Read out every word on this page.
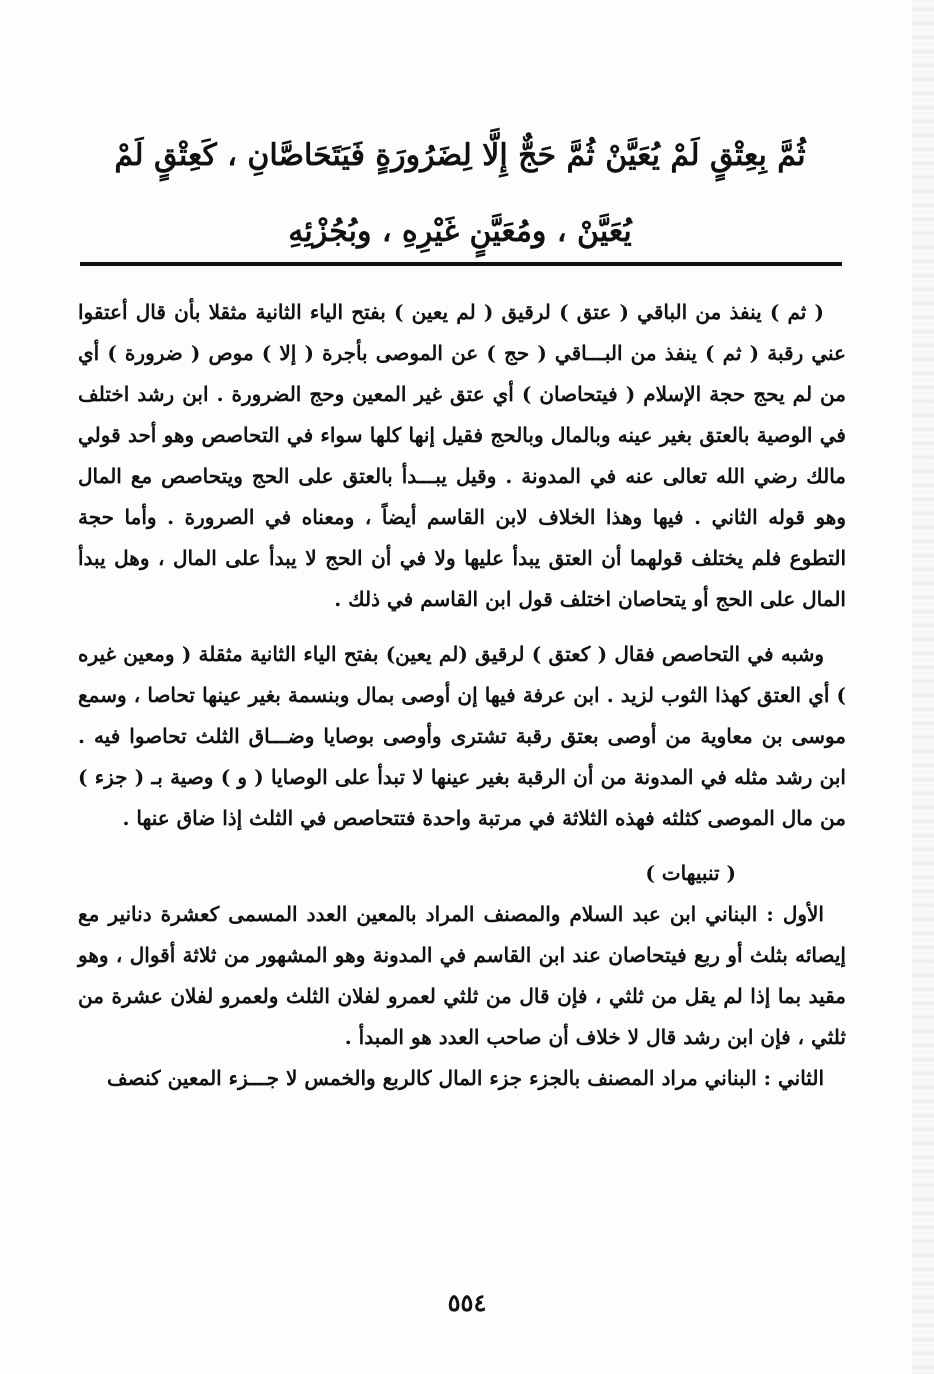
ثُمَّ بِعِتْقٍ لَمْ يُعَيَّنْ ثُمَّ حَجٌّ إِلَّا لِضَرُورَةٍ فَيَتَحَاصَّانِ ، كَعِتْقٍ لَمْ
يُعَيَّنْ ، ومُعَيَّنٍ غَيْرِهِ ، وبُجُزْئِهِ

( ثم ) ينفذ من الباقي ( عتق ) لرقيق ( لم يعين ) بفتح الياء الثانية مثقلا بأن قال أعتقوا عني رقبة ( ثم ) ينفذ من البـــاقي ( حج ) عن الموصى بأجرة ( إلا ) موص ( ضرورة ) أي من لم يحج حجة الإسلام ( فيتحاصان ) أي عتق غير المعين وحج الضرورة . ابن رشد اختلف في الوصية بالعتق بغير عينه وبالمال وبالحج فقيل إنها كلها سواء في التحاصص وهو أحد قولي مالك رضي الله تعالى عنه في المدونة . وقيل يبـــدأ بالعتق على الحج ويتحاصص مع المال وهو قوله الثاني . فيها وهذا الخلاف لابن القاسم أيضاً ، ومعناه في الصرورة . وأما حجة التطوع فلم يختلف قولهما أن العتق يبدأ عليها ولا في أن الحج لا يبدأ على المال ، وهل يبدأ المال على الحج أو يتحاصان اختلف قول ابن القاسم في ذلك .

وشبه في التحاصص فقال ( كعتق ) لرقيق (لم يعين) بفتح الياء الثانية مثقلة ( ومعين غيره ) أي العتق كهذا الثوب لزيد . ابن عرفة فيها إن أوصى بمال وبنسمة بغير عينها تحاصا ، وسمع موسى بن معاوية من أوصى بعتق رقبة تشترى وأوصى بوصايا وضـــاق الثلث تحاصوا فيه . ابن رشد مثله في المدونة من أن الرقبة بغير عينها لا تبدأ على الوصايا ( و ) وصية بـ ( جزء ) من مال الموصى كثلثه فهذه الثلاثة في مرتبة واحدة فتتحاصص في الثلث إذا ضاق عنها .

( تنبيهات )

الأول : البناني ابن عبد السلام والمصنف المراد بالمعين العدد المسمى كعشرة دنانير مع إيصائه بثلث أو ربع فيتحاصان عند ابن القاسم في المدونة وهو المشهور من ثلاثة أقوال ، وهو مقيد بما إذا لم يقل من ثلثي ، فإن قال من ثلثي لعمرو لفلان الثلث ولعمرو لفلان عشرة من ثلثي ، فإن ابن رشد قال لا خلاف أن صاحب العدد هو المبدأ .

الثاني : البناني مراد المصنف بالجزء جزء المال كالربع والخمس لا جـــزء المعين كنصف

٥٥٤
